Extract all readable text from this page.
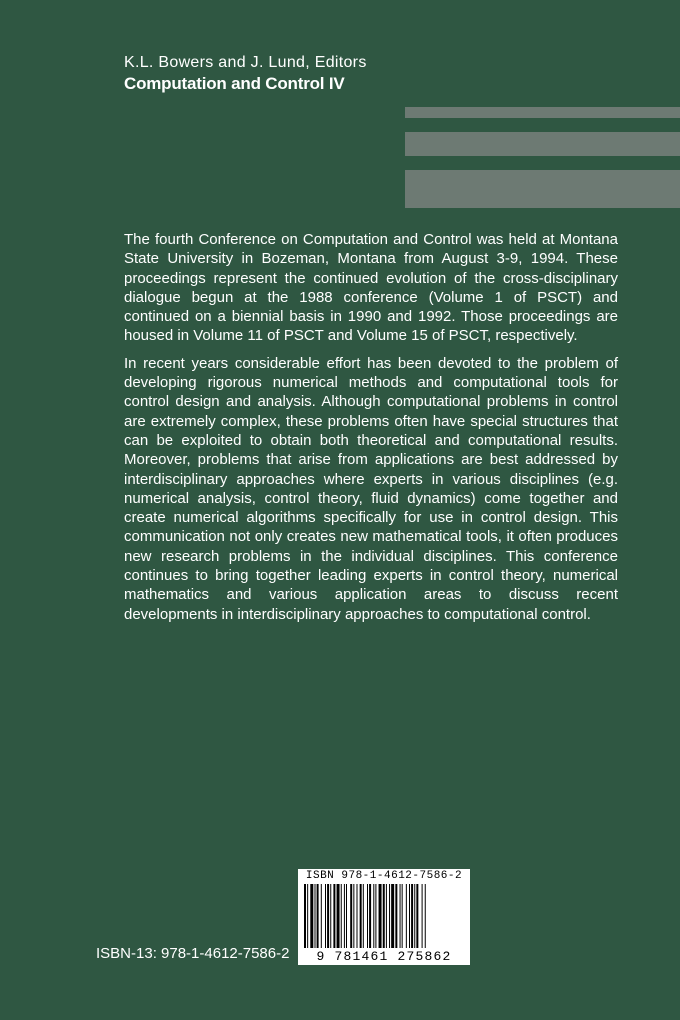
K.L. Bowers and J. Lund, Editors
Computation and Control IV

The fourth Conference on Computation and Control was held at Montana State University in Bozeman, Montana from August 3-9, 1994. These proceedings represent the continued evolution of the cross-disciplinary dialogue begun at the 1988 conference (Volume 1 of PSCT) and continued on a biennial basis in 1990 and 1992. Those proceedings are housed in Volume 11 of PSCT and Volume 15 of PSCT, respectively.

In recent years considerable effort has been devoted to the problem of developing rigorous numerical methods and computational tools for control design and analysis. Although computational problems in control are extremely complex, these problems often have special structures that can be exploited to obtain both theoretical and computational results. Moreover, problems that arise from applications are best addressed by interdisciplinary approaches where experts in various disciplines (e.g. numerical analysis, control theory, fluid dynamics) come together and create numerical algorithms specifically for use in control design. This communication not only creates new mathematical tools, it often produces new research problems in the individual disciplines. This conference continues to bring together leading experts in control theory, numerical mathematics and various application areas to discuss recent developments in interdisciplinary approaches to computational control.

ISBN-13: 978-1-4612-7586-2
ISBN 978-1-4612-7586-2
9 781461 275862
